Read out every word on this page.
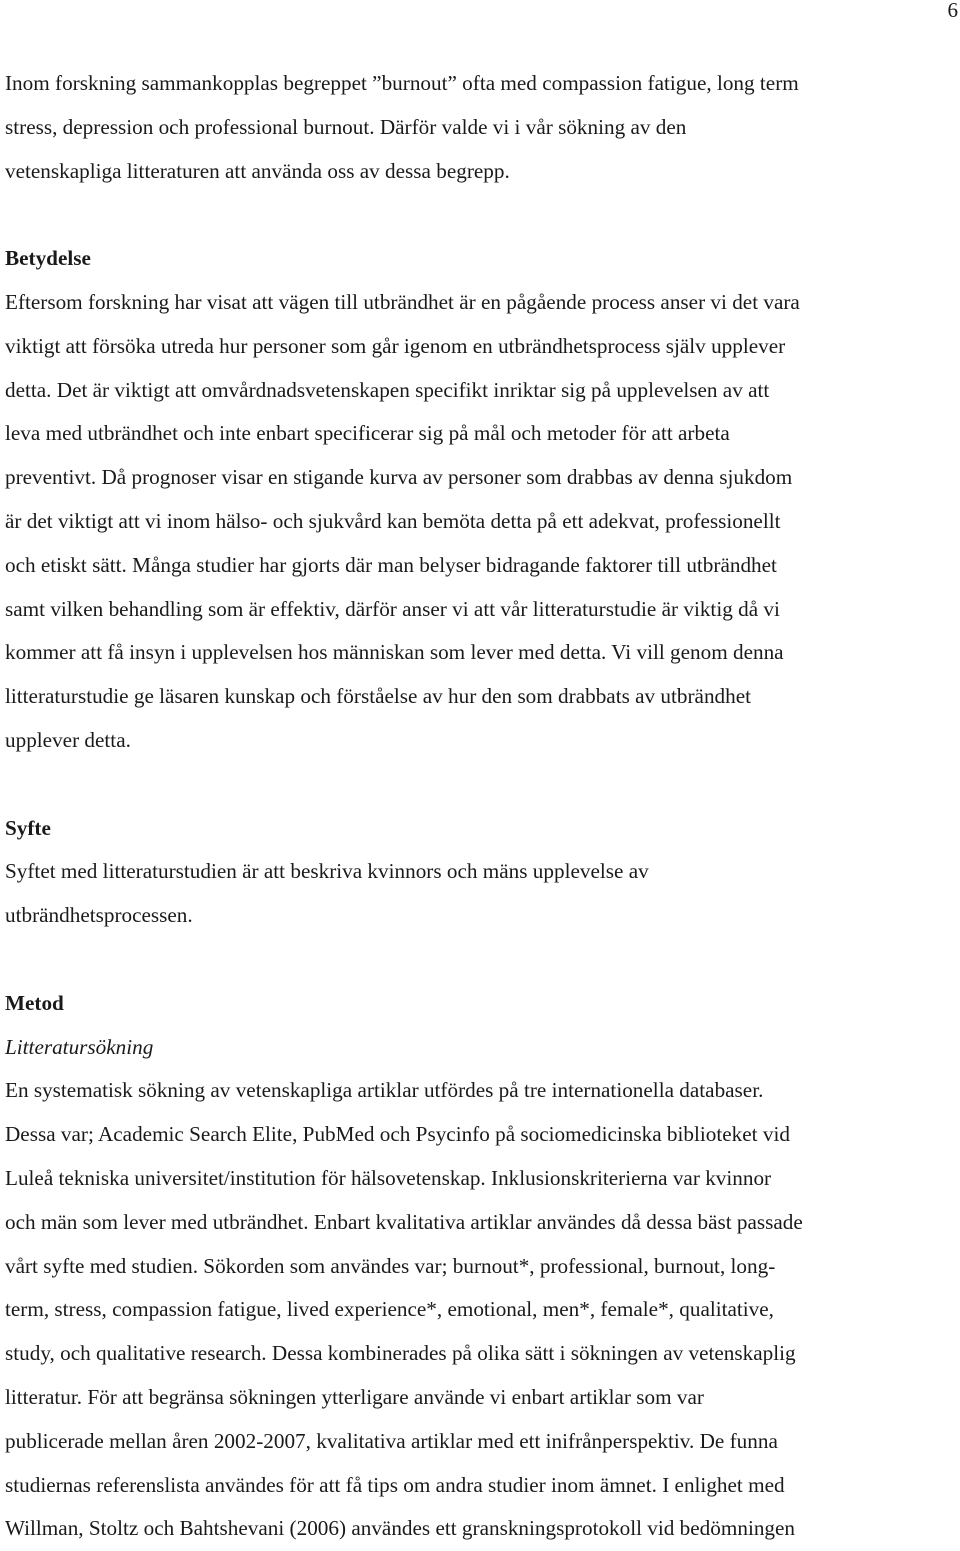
6
Inom forskning sammankopplas begreppet ”burnout” ofta med compassion fatigue, long term
stress, depression och professional burnout. Därför valde vi i vår sökning av den
vetenskapliga litteraturen att använda oss av dessa begrepp.
Betydelse
Eftersom forskning har visat att vägen till utbrändhet är en pågående process anser vi det vara
viktigt att försöka utreda hur personer som går igenom en utbrändhetsprocess själv upplever
detta. Det är viktigt att omvårdnadsvetenskapen specifikt inriktar sig på upplevelsen av att
leva med utbrändhet och inte enbart specificerar sig på mål och metoder för att arbeta
preventivt. Då prognoser visar en stigande kurva av personer som drabbas av denna sjukdom
är det viktigt att vi inom hälso- och sjukvård kan bemöta detta på ett adekvat, professionellt
och etiskt sätt. Många studier har gjorts där man belyser bidragande faktorer till utbrändhet
samt vilken behandling som är effektiv, därför anser vi att vår litteraturstudie är viktig då vi
kommer att få insyn i upplevelsen hos människan som lever med detta. Vi vill genom denna
litteraturstudie ge läsaren kunskap och förståelse av hur den som drabbats av utbrändhet
upplever detta.
Syfte
Syftet med litteraturstudien är att beskriva kvinnors och mäns upplevelse av
utbrändhetsprocessen.
Metod
Litteratursökning
En systematisk sökning av vetenskapliga artiklar utfördes på tre internationella databaser.
Dessa var; Academic Search Elite, PubMed och Psycinfo på sociomedicinska biblioteket vid
Luleå tekniska universitet/institution för hälsovetenskap. Inklusionskriterierna var kvinnor
och män som lever med utbrändhet. Enbart kvalitativa artiklar användes då dessa bäst passade
vårt syfte med studien. Sökorden som användes var; burnout*, professional, burnout, long-
term, stress, compassion fatigue, lived experience*, emotional, men*, female*, qualitative,
study, och qualitative research. Dessa kombinerades på olika sätt i sökningen av vetenskaplig
litteratur. För att begränsa sökningen ytterligare använde vi enbart artiklar som var
publicerade mellan åren 2002-2007, kvalitativa artiklar med ett inifrånperspektiv. De funna
studiernas referenslista användes för att få tips om andra studier inom ämnet. I enlighet med
Willman, Stoltz och Bahtshevani (2006) användes ett granskningsprotokoll vid bedömningen
